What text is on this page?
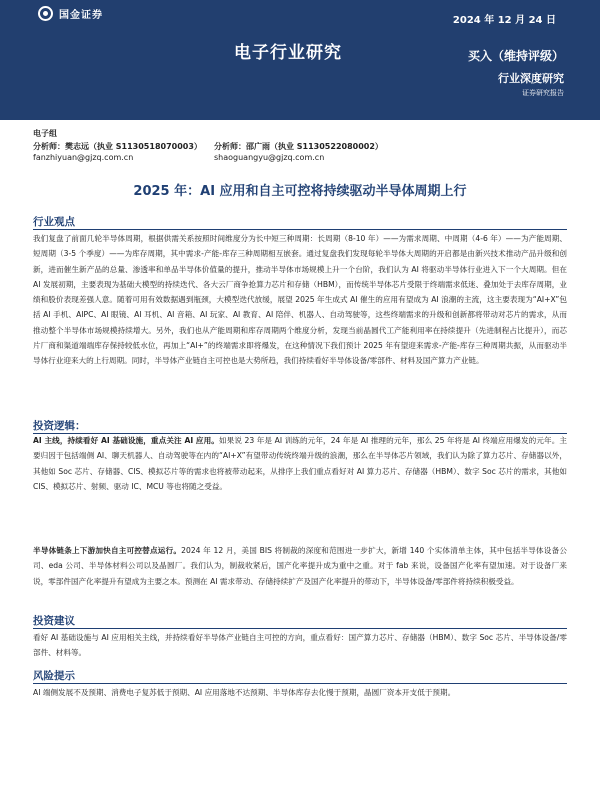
国金证券	2024 年 12 月 24 日
电子行业研究	买入（维持评级）
行业深度研究
证券研究报告
电子组
分析师：樊志远（执业 S1130518070003） 分析师：邵广雨（执业 S1130522080002）
fanzhiyuan@gjzq.com.cn	shaoguangyu@gjzq.com.cn
2025 年：AI 应用和自主可控将持续驱动半导体周期上行
行业观点

我们复盘了前面几轮半导体周期，根据供需关系按照时间维度分为长中短三种周期：长周期（8-10 年）——为需求周期、中周期（4-6 年）——为产能周期、短周期（3-5 个季度）——为库存周期，其中需求-产能-库存三种周期相互嵌套。通过复盘我们发现每轮半导体大周期的开启都是由新兴技术推动产品升级和创新，进而催生新产品的总量、渗透率和单品半导体价值量的提升，推动半导体市场规模上升一个台阶，我们认为 AI 将驱动半导体行业进入下一个大周期。但在 AI 发展初期，主要表现为基础大模型的持续迭代、各大云厂商争抢算力芯片和存储（HBM），而传统半导体芯片受限于终端需求低迷、叠加处于去库存周期，业绩和股价表现差强人意。随着可用有效数据遇到瓶颈，大模型迭代放缓，展望 2025 年生成式 AI 催生的应用有望成为 AI 浪潮的主流，这主要表现为“AI+X”包括 AI 手机、AIPC、AI 眼镜、AI 耳机、AI 音箱、AI 玩家、AI 教育、AI 陪伴、机器人、自动驾驶等，这些终端需求的升级和创新都将带动对芯片的需求，从而推动整个半导体市场规模持续增大。另外，我们也从产能周期和库存周期两个维度分析，发现当前晶圆代工产能利用率在持续提升（先进制程占比提升），而芯片厂商和渠道端端库存保持较低水位，再加上“AI+”的终端需求即将爆发，在这种情况下我们预计 2025 年有望迎来需求-产能-库存三种周期共振，从而驱动半导体行业迎来大的上行周期。同时，半导体产业链自主可控也是大势所趋，我们持续看好半导体设备/零部件、材料及国产算力产业链。

投资逻辑：

AI 主线，持续看好 AI 基础设施，重点关注 AI 应用。如果说 23 年是 AI 训练的元年，24 年是 AI 推理的元年，那么 25 年将是 AI 终端应用爆发的元年。主要归因于包括端侧 AI、聊天机器人、自动驾驶等在内的“AI+X”有望带动传统终端升级的浪潮，那么在半导体芯片领域，我们认为除了算力芯片、存储器以外，其他如 Soc 芯片、存储器、CIS、模拟芯片等的需求也将被带动起来，从排序上我们重点看好对 AI 算力芯片、存储器（HBM）、数字 Soc 芯片的需求，其他如 CIS、模拟芯片、射频、驱动 IC、MCU 等也将随之受益。

半导体链条上下游加快自主可控替点运行。2024 年 12 月，美国 BIS 将制裁的深度和范围进一步扩大，新增 140 个实体清单主体，其中包括半导体设备公司、eda 公司、半导体材料公司以及晶圆厂。我们认为，制裁收紧后，国产化率提升成为重中之重。对于 fab 来说，设备国产化率有望加速。对于设备厂来说，零部件国产化率提升有望成为主要之本。预测在 AI 需求带动、存储持续扩产及国产化率提升的带动下，半导体设备/零部件将持续积极受益。

投资建议

看好 AI 基础设施与 AI 应用相关主线，并持续看好半导体产业链自主可控的方向，重点看好：国产算力芯片、存储器（HBM）、数字 Soc 芯片、半导体设备/零部件、材料等。

风险提示

AI 端侧发展不及预期、消费电子复苏低于预期、AI 应用落地不达预期、半导体库存去化慢于预期，晶圆厂资本开支低于预期。
